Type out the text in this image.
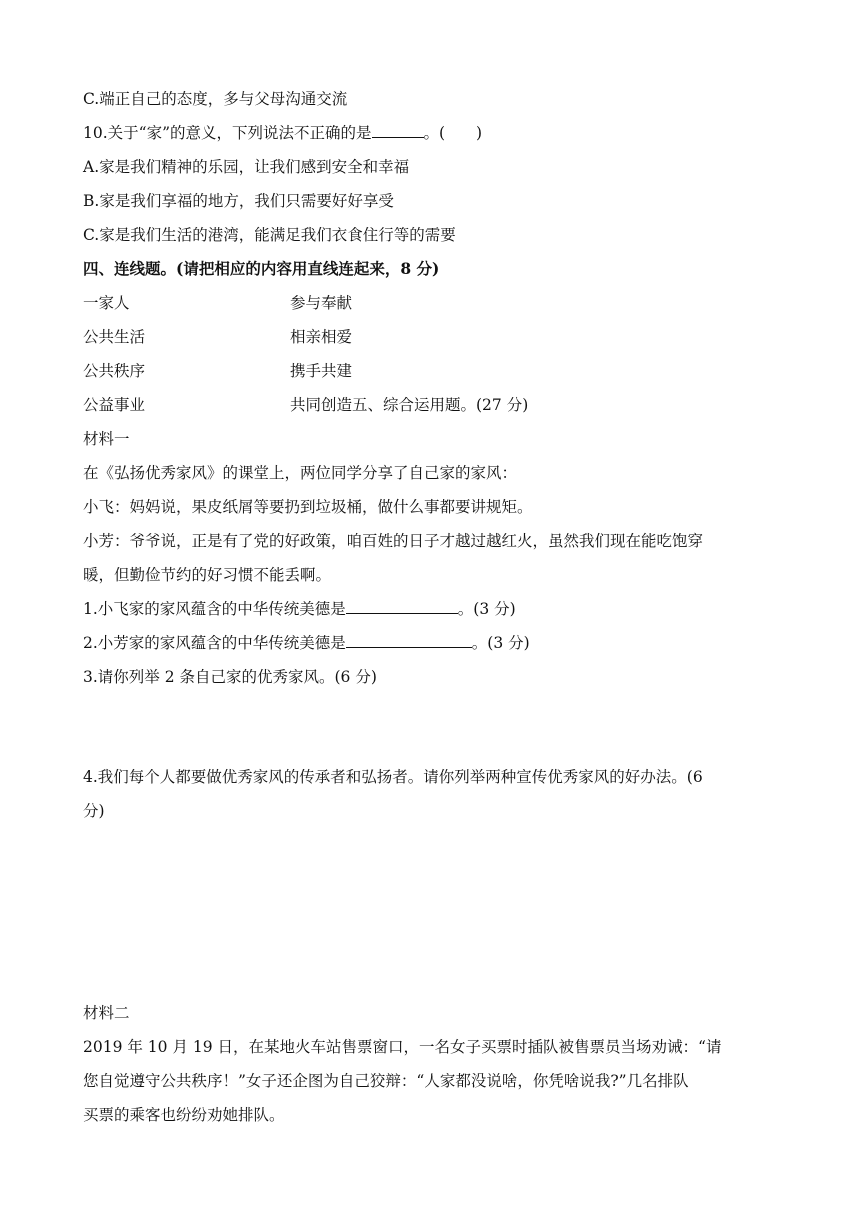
C.端正自己的态度，多与父母沟通交流
10.关于“家”的意义，下列说法不正确的是	。(　　)
A.家是我们精神的乐园，让我们感到安全和幸福
B.家是我们享福的地方，我们只需要好好享受
C.家是我们生活的港湾，能满足我们衣食住行等的需要
四、连线题。(请把相应的内容用直线连起来，8 分)
一家人	参与奉献
公共生活	相亲相爱
公共秩序	携手共建
公益事业	共同创造五、综合运用题。(27 分)
材料一
在《弘扬优秀家风》的课堂上，两位同学分享了自己家的家风：
小飞：妈妈说，果皮纸屑等要扔到垃圾桶，做什么事都要讲规矩。
小芳：爷爷说，正是有了党的好政策，咱百姓的日子才越过越红火，虽然我们现在能吃饱穿
暖，但勤俭节约的好习惯不能丢啊。
1.小飞家的家风蕴含的中华传统美德是	。(3 分)
2.小芳家的家风蕴含的中华传统美德是	。(3 分)
3.请你列举 2 条自己家的优秀家风。(6 分)
4.我们每个人都要做优秀家风的传承者和弘扬者。请你列举两种宣传优秀家风的好办法。(6
分)
材料二
2019 年 10 月 19 日，在某地火车站售票窗口，一名女子买票时插队被售票员当场劝诫：“请
您自觉遵守公共秩序！”女子还企图为自己狡辩：“人家都没说啥，你凭啥说我?”几名排队
买票的乘客也纷纷劝她排队。
